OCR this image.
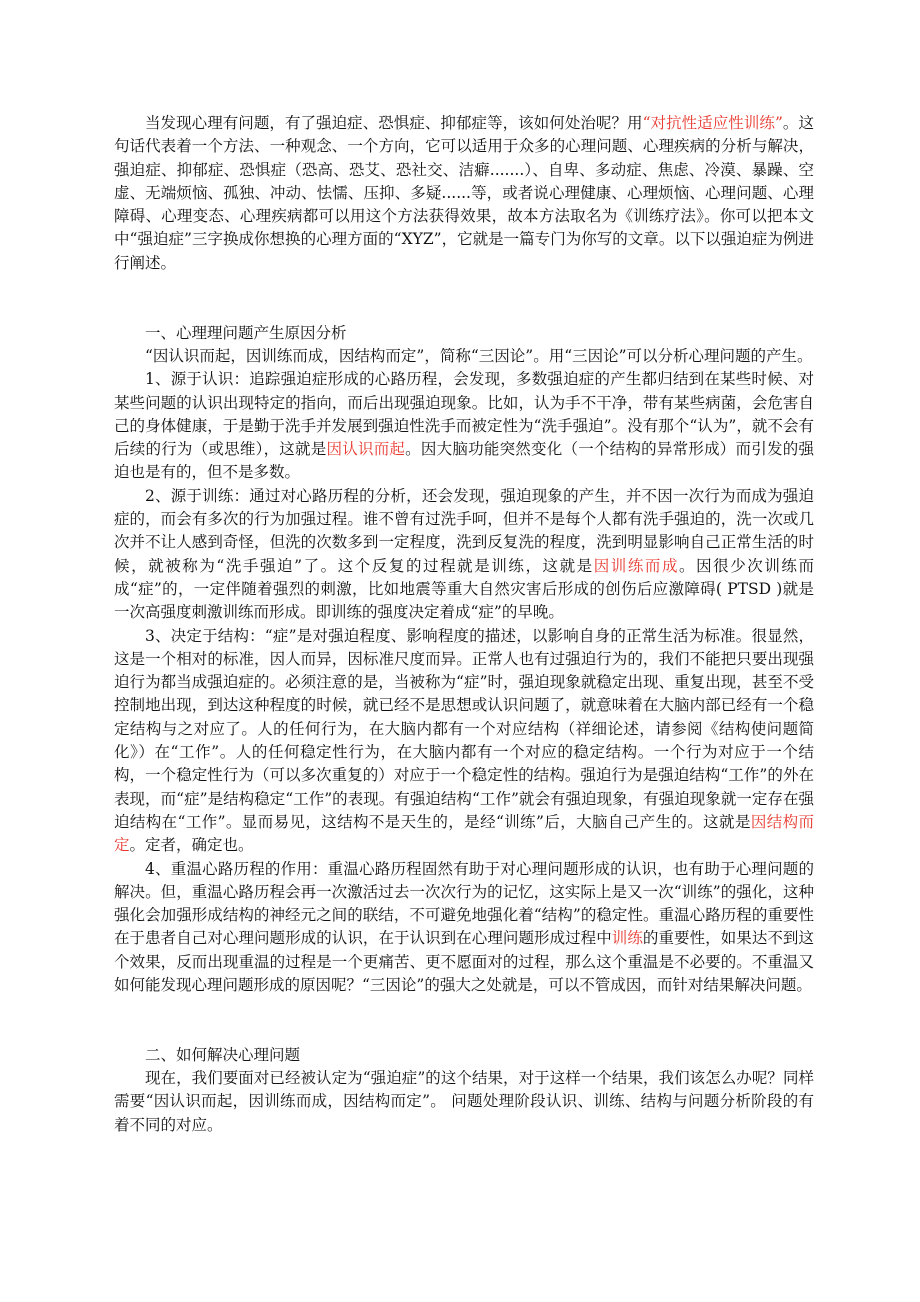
当发现心理有问题，有了强迫症、恐惧症、抑郁症等，该如何处治呢？用“对抗性适应性训练”。这句话代表着一个方法、一种观念、一个方向，它可以适用于众多的心理问题、心理疾病的分析与解决，强迫症、抑郁症、恐惧症（恐高、恐艾、恐社交、洁癖.......）、自卑、多动症、焦虑、冷漠、暴躁、空虚、无端烦恼、孤独、冲动、怯懦、压抑、多疑......等，或者说心理健康、心理烦恼、心理问题、心理障碍、心理变态、心理疾病都可以用这个方法获得效果，故本方法取名为《训练疗法》。你可以把本文中“强迫症”三字换成你想换的心理方面的“XYZ”，它就是一篇专门为你写的文章。以下以强迫症为例进行阐述。

一、心理理问题产生原因分析

“因认识而起，因训练而成，因结构而定”，简称“三因论”。用“三因论”可以分析心理问题的产生。

1、源于认识：追踪强迫症形成的心路历程，会发现，多数强迫症的产生都归结到在某些时候、对某些问题的认识出现特定的指向，而后出现强迫现象。比如，认为手不干净，带有某些病菌，会危害自己的身体健康，于是勤于洗手并发展到强迫性洗手而被定性为“洗手强迫”。没有那个“认为”，就不会有后续的行为（或思维），这就是因认识而起。因大脑功能突然变化（一个结构的异常形成）而引发的强迫也是有的，但不是多数。

2、源于训练：通过对心路历程的分析，还会发现，强迫现象的产生，并不因一次行为而成为强迫症的，而会有多次的行为加强过程。谁不曾有过洗手呵，但并不是每个人都有洗手强迫的，洗一次或几次并不让人感到奇怪，但洗的次数多到一定程度，洗到反复洗的程度，洗到明显影响自己正常生活的时候，就被称为“洗手强迫”了。这个反复的过程就是训练，这就是因训练而成。因很少次训练而成“症”的，一定伴随着强烈的刺激，比如地震等重大自然灾害后形成的创伤后应激障碍( PTSD )就是一次高强度刺激训练而形成。即训练的强度决定着成“症”的早晚。

3、决定于结构：“症”是对强迫程度、影响程度的描述，以影响自身的正常生活为标准。很显然，这是一个相对的标准，因人而异，因标准尺度而异。正常人也有过强迫行为的，我们不能把只要出现强迫行为都当成强迫症的。必须注意的是，当被称为“症”时，强迫现象就稳定出现、重复出现，甚至不受控制地出现，到达这种程度的时候，就已经不是思想或认识问题了，就意味着在大脑内部已经有一个稳定结构与之对应了。人的任何行为，在大脑内都有一个对应结构（祥细论述，请参阅《结构使问题简化》）在“工作”。人的任何稳定性行为，在大脑内都有一个对应的稳定结构。一个行为对应于一个结构，一个稳定性行为（可以多次重复的）对应于一个稳定性的结构。强迫行为是强迫结构“工作”的外在表现，而“症”是结构稳定“工作”的表现。有强迫结构“工作”就会有强迫现象，有强迫现象就一定存在强迫结构在“工作”。显而易见，这结构不是天生的，是经“训练”后，大脑自己产生的。这就是因结构而定。定者，确定也。

4、重温心路历程的作用：重温心路历程固然有助于对心理问题形成的认识，也有助于心理问题的解决。但，重温心路历程会再一次激活过去一次次行为的记忆，这实际上是又一次“训练”的强化，这种强化会加强形成结构的神经元之间的联结，不可避免地强化着“结构”的稳定性。重温心路历程的重要性在于患者自己对心理问题形成的认识，在于认识到在心理问题形成过程中训练的重要性，如果达不到这个效果，反而出现重温的过程是一个更痛苦、更不愿面对的过程，那么这个重温是不必要的。不重温又如何能发现心理问题形成的原因呢？“三因论”的强大之处就是，可以不管成因，而针对结果解决问题。

二、如何解决心理问题

现在，我们要面对已经被认定为“强迫症”的这个结果，对于这样一个结果，我们该怎么办呢？同样需要“因认识而起，因训练而成，因结构而定”。 问题处理阶段认识、训练、结构与问题分析阶段的有着不同的对应。
